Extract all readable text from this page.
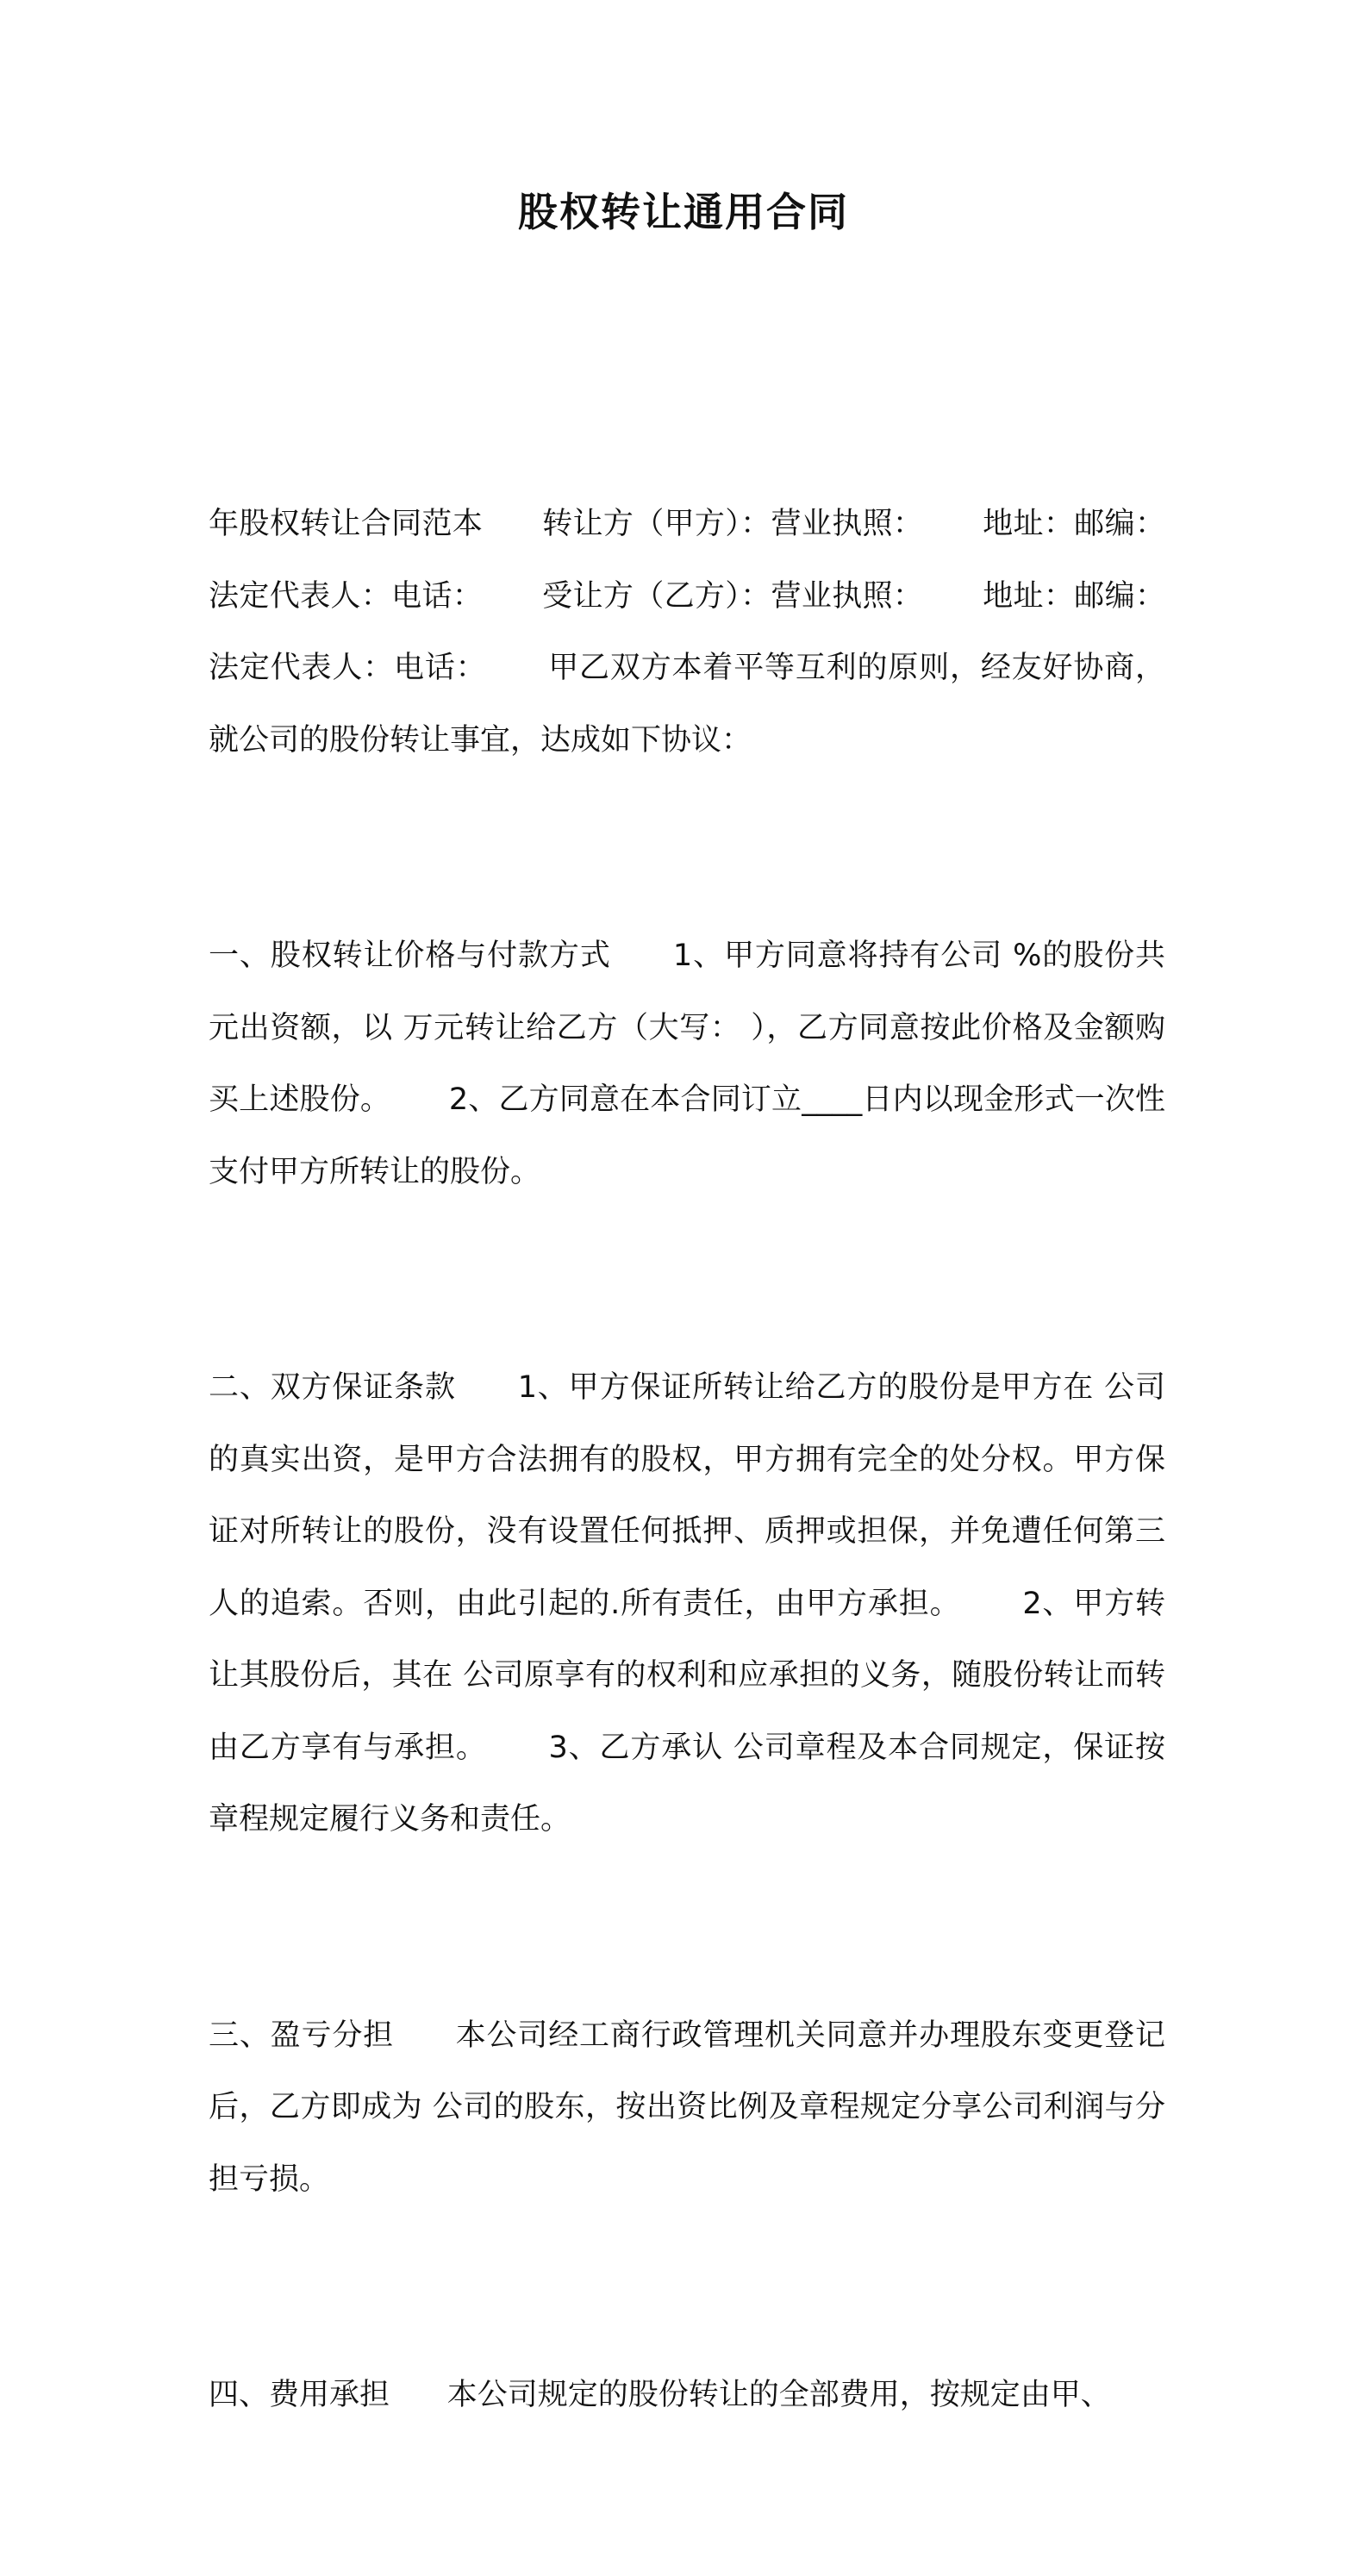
股权转让通用合同

年股权转让合同范本      转让方（甲方）：营业执照：      地址：邮编：      法定代表人：电话：      受让方（乙方）：营业执照：      地址：邮编：      法定代表人：电话：      甲乙双方本着平等互利的原则，经友好协商，就公司的股份转让事宜，达成如下协议：

一、股权转让价格与付款方式      1、甲方同意将持有公司 %的股份共 元出资额，以 万元转让给乙方（大写： ），乙方同意按此价格及金额购买上述股份。      2、乙方同意在本合同订立____日内以现金形式一次性支付甲方所转让的股份。

二、双方保证条款      1、甲方保证所转让给乙方的股份是甲方在 公司的真实出资，是甲方合法拥有的股权，甲方拥有完全的处分权。甲方保证对所转让的股份，没有设置任何抵押、质押或担保，并免遭任何第三人的追索。否则，由此引起的.所有责任，由甲方承担。      2、甲方转让其股份后，其在 公司原享有的权利和应承担的义务，随股份转让而转由乙方享有与承担。      3、乙方承认 公司章程及本合同规定，保证按章程规定履行义务和责任。

三、盈亏分担      本公司经工商行政管理机关同意并办理股东变更登记后，乙方即成为 公司的股东，按出资比例及章程规定分享公司利润与分担亏损。

四、费用承担      本公司规定的股份转让的全部费用，按规定由甲、
